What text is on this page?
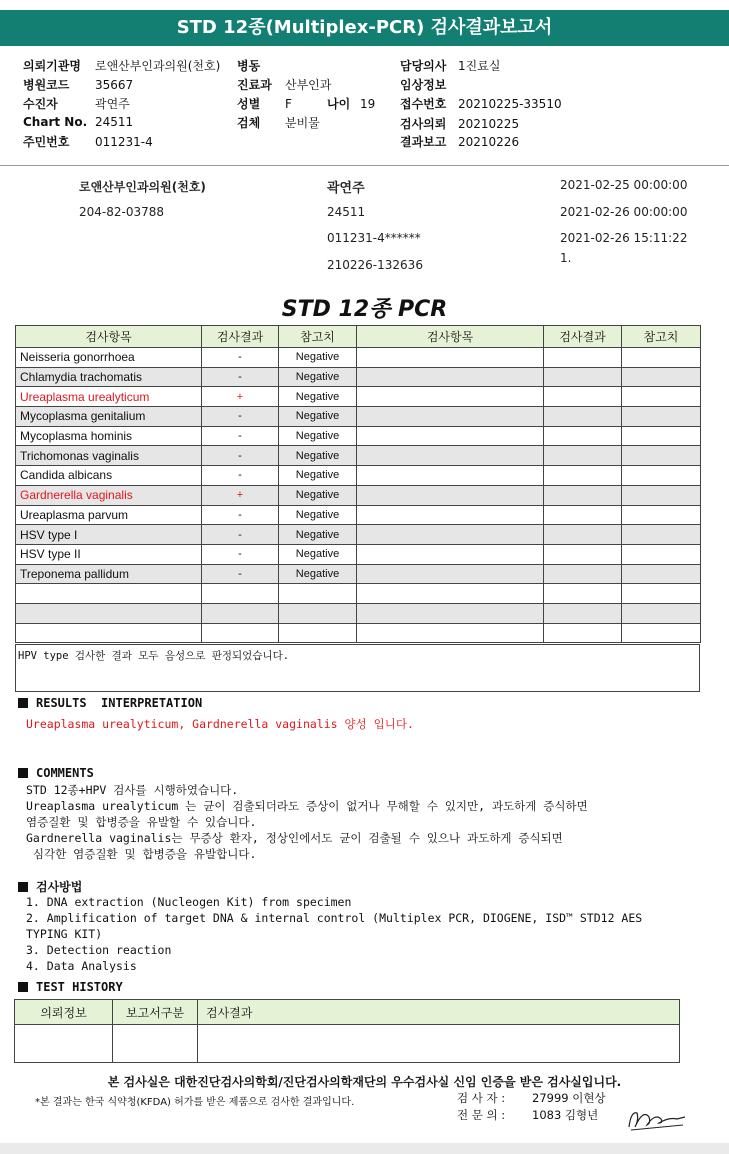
STD 12종(Multiplex-PCR) 검사결과보고서
의뢰기관명 로앤산부인과의원(천호)
병원코드 35667
수진자	곽연주
Chart No. 24511
주민번호 011231-4
병동
진료과 산부인과
성별 F	나이 19
검체 분비물
담당의사 1진료실
임상정보
접수번호 20210225-33510
검사의뢰 20210225
결과보고 20210226
로앤산부인과의원(천호)
204-82-03788
곽연주
24511
011231-4******
210226-132636
2021-02-25 00:00:00
2021-02-26 00:00:00
2021-02-26 15:11:22
1.
STD 12종 PCR
검사항목	검사결과	참고치	검사항목	검사결과	참고치
Neisseria gonorrhoea	-	Negative			
Chlamydia trachomatis	-	Negative			
Ureaplasma urealyticum	+	Negative			
Mycoplasma genitalium	-	Negative			
Mycoplasma hominis	-	Negative			
Trichomonas vaginalis	-	Negative			
Candida albicans	-	Negative			
Gardnerella vaginalis	+	Negative			
Ureaplasma parvum	-	Negative			
HSV type I	-	Negative			
HSV type II	-	Negative			
Treponema pallidum	-	Negative			

HPV type 검사한 결과 모두 음성으로 판정되었습니다.
RESULTS  INTERPRETATION
Ureaplasma urealyticum, Gardnerella vaginalis 양성 입니다.
COMMENTS
STD 12종+HPV 검사를 시행하였습니다.
Ureaplasma urealyticum 는 균이 검출되더라도 증상이 없거나 무해할 수 있지만, 과도하게 증식하면
염증질환 및 합병증을 유발할 수 있습니다.
Gardnerella vaginalis는 무증상 환자, 정상인에서도 균이 검출될 수 있으나 과도하게 증식되면
심각한 염증질환 및 합병증을 유발합니다.
검사방법
1. DNA extraction (Nucleogen Kit) from specimen
2. Amplification of target DNA & internal control (Multiplex PCR, DIOGENE, ISD™ STD12 AES
TYPING KIT)
3. Detection reaction
4. Data Analysis
TEST HISTORY
의뢰정보	보고서구분	검사결과

본 검사실은 대한진단검사의학회/진단검사의학재단의 우수검사실 신임 인증을 받은 검사실입니다.
*본 결과는 한국 식약청(KFDA) 허가를 받은 제품으로 검사한 결과입니다.	검 사 자 : 27999 이현상
전 문 의 : 1083 김형년
